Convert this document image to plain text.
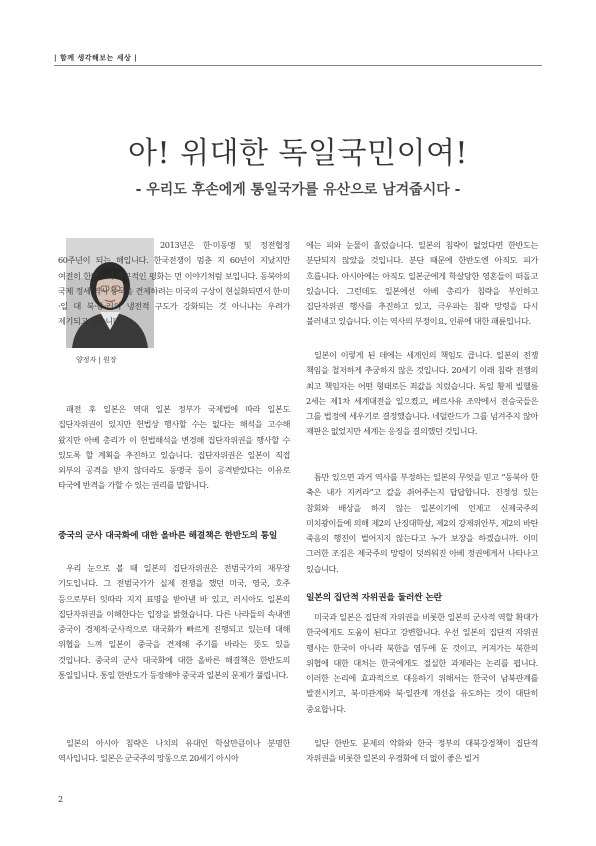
| 함께 생각해보는 세상 |
아! 위대한 독일국민이여!
- 우리도 후손에게 통일국가를 유산으로 남겨줍시다 -
양정자 | 원장

2013년은 한·미동맹 및 정전협정 60주년이 되는 해입니다. 한국전쟁이 멈춘 지 60년이 지났지만 여전히 한반도의 항구적인 평화는 먼 이야기처럼 보입니다. 동북아의 국제 정세 역시 중국을 견제하려는 미국의 구상이 현실화되면서 한·미·일 대 북·중·러의 냉전적 구도가 강화되는 것 아니냐는 우려가 제기되고 있습니다.

패전 후 일본은 역대 일본 정부가 국제법에 따라 일본도 집단자위권이 있지만 헌법상 행사할 수는 없다는 해석을 고수해 왔지만 아베 총리가 이 헌법해석을 변경해 집단자위권을 행사할 수 있도록 할 계획을 추진하고 있습니다. 집단자위권은 일본이 직접 외부의 공격을 받지 않더라도 동맹국 등이 공격받았다는 이유로 타국에 반격을 가할 수 있는 권리를 말합니다.

중국의 군사 대국화에 대한 올바른 해결책은 한반도의 통일

우리 눈으로 볼 때 일본의 집단자위권은 전범국가의 재무장 기도입니다. 그 전범국가가 실제 전쟁을 했던 미국, 영국, 호주 등으로부터 잇따라 지지 표명을 받아낸 바 있고, 러시아도 일본의 집단자위권을 이해한다는 입장을 밝혔습니다. 다른 나라들의 속내엔 중국이 경제적·군사적으로 대국화가 빠르게 진행되고 있는데 대해 위협을 느껴 일본이 중국을 견제해 주기를 바라는 뜻도 있을 것입니다. 중국의 군사 대국화에 대한 올바른 해결책은 한반도의 통일입니다. 통일 한반도가 등장해야 중국과 일본의 문제가 풀립니다.

일본의 아시아 침략은 나치의 유대인 학살만큼이나 분명한 역사입니다. 일본은 군국주의 망동으로 20세기 아시아

에는 피와 눈물이 흘렀습니다. 일본의 침략이 없었다면 한반도는 분단되지 않았을 것입니다. 분단 때문에 한반도엔 아직도 피가 흐릅니다. 아시아에는 아직도 일본군에게 학살당한 영혼들이 떠돌고 있습니다. 그런데도 일본에선 아베 총리가 침략을 부인하고 집단자위권 행사를 추진하고 있고, 극우파는 침략 망령을 다시 불러내고 있습니다. 이는 역사의 부정이요, 인류에 대한 패륜입니다.

일본이 이렇게 된 데에는 세계인의 책임도 큽니다. 일본의 전쟁 책임을 철저하게 추궁하지 않은 것입니다. 20세기 이래 침략 전쟁의 최고 책임자는 어떤 형태로든 죄값을 치렀습니다. 독일 황제 빌헬름 2세는 제1차 세계대전을 일으켰고, 베르사유 조약에서 전승국들은 그를 법정에 세우기로 결정했습니다. 네덜란드가 그를 넘겨주지 않아 재판은 없었지만 세계는 응징을 결의했던 것입니다.

틈만 있으면 과거 역사를 부정하는 일본의 무엇을 믿고 “동북아 한 축은 내가 지켜라”고 칼을 쥐어주는지 답답합니다. 진정성 있는 참회와 배상을 하지 않는 일본이기에 언제고 신제국주의 미치광이들에 의해 제2의 난징대학살, 제2의 강제위안부, 제2의 바탄 죽음의 행진이 벌어지지 않는다고 누가 보장을 하겠습니까. 이미 그러한 조짐은 제국주의 망령이 덧씌워진 아베 정권에게서 나타나고 있습니다.

일본의 집단적 자위권을 둘러싼 논란

미국과 일본은 집단적 자위권을 비롯한 일본의 군사적 역할 확대가 한국에게도 도움이 된다고 강변합니다. 우선 일본의 집단적 자위권 행사는 한국이 아니라 북한을 염두에 둔 것이고, 커져가는 북한의 위협에 대한 대처는 한국에게도 절실한 과제라는 논리를 폅니다. 이러한 논리에 효과적으로 대응하기 위해서는 한국이 남북관계를 발전시키고, 북·미관계와 북·일관계 개선을 유도하는 것이 대단히 중요합니다.

일단 한반도 문제의 악화와 한국 정부의 대북강경책이 집단적 자위권을 비롯한 일본의 우경화에 더 없이 좋은 빌거

2
